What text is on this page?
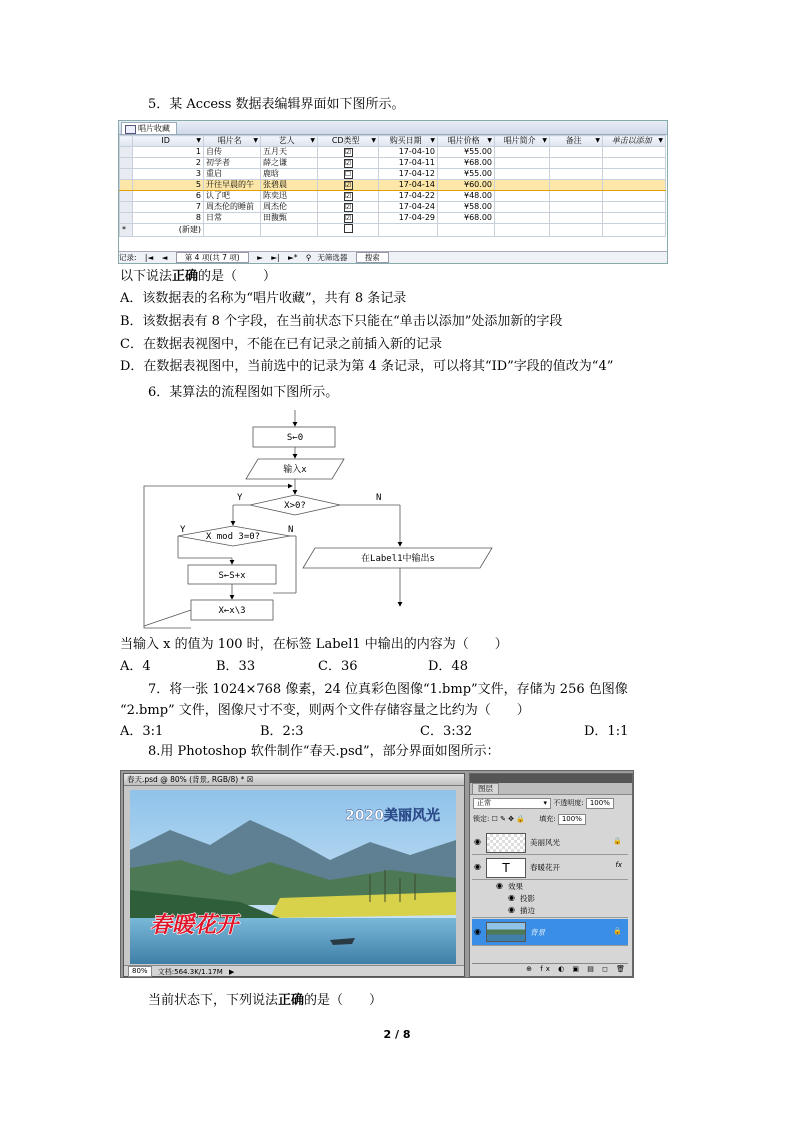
5．某 Access 数据表编辑界面如下图所示。
唱片收藏
	ID ▼	唱片名 ▼	艺人 ▼	CD类型 ▼	购买日期 ▼	唱片价格 ▼	唱片简介 ▼	备注 ▼	单击以添加 ▼

	1	自传	五月天	☑	17-04-10	¥55.00			
	2	初学者	薛之谦	☑	17-04-11	¥68.00			
	3	重启	鹿晗	☐	17-04-12	¥55.00			
	5	开往早晨的午	张碧晨	☑	17-04-14	¥60.00			
	6	认了吧	陈奕迅	☑	17-04-22	¥48.00			
	7	周杰伦的睡前	周杰伦	☑	17-04-24	¥58.00			
	8	日常	田馥甄	☑	17-04-29	¥68.00			
*	(新建)								
记录: |◄ ◄ 第 4 项(共 7 项) ► ►| ►* ⚲ 无筛选器 搜索
以下说法正确的是（　　）
A．该数据表的名称为“唱片收藏”，共有 8 条记录
B．该数据表有 8 个字段，在当前状态下只能在“单击以添加”处添加新的字段
C．在数据表视图中，不能在已有记录之前插入新的记录
D．在数据表视图中，当前选中的记录为第 4 条记录，可以将其“ID”字段的值改为“4”
6．某算法的流程图如下图所示。
S←0
输入x
X>0?
Y	N
X mod 3=0?
Y	N
S←S+x
X←x\3
在Label1中输出s
当输入 x 的值为 100 时，在标签 Label1 中输出的内容为（　　）
A．4	B．33	C．36	D．48
7．将一张 1024×768 像素，24 位真彩色图像“1.bmp”文件，存储为 256 色图像
“2.bmp” 文件，图像尺寸不变，则两个文件存储容量之比约为（　　）
A．3:1	B．2:3	C．3:32	D．1:1
8.用 Photoshop 软件制作“春天.psd”，部分界面如图所示：
春天.psd @ 80% (背景, RGB/8) * ☒
2020美丽风光
春暖花开
80% 文档:564.3K/1.17M ▶
图层
正常	▾ 不透明度: 100%
锁定: ☐ ✎ ✥ 🔒 填充: 100%
◉	美丽风光	🔒
◉	T	春暖花开	fx
◉ 效果
◉ 投影
◉ 描边
◉	背景	🔒
⊕ fx ◐ ▣ ▤ ◻ 🗑
当前状态下，下列说法正确的是（　　）
2 / 8
